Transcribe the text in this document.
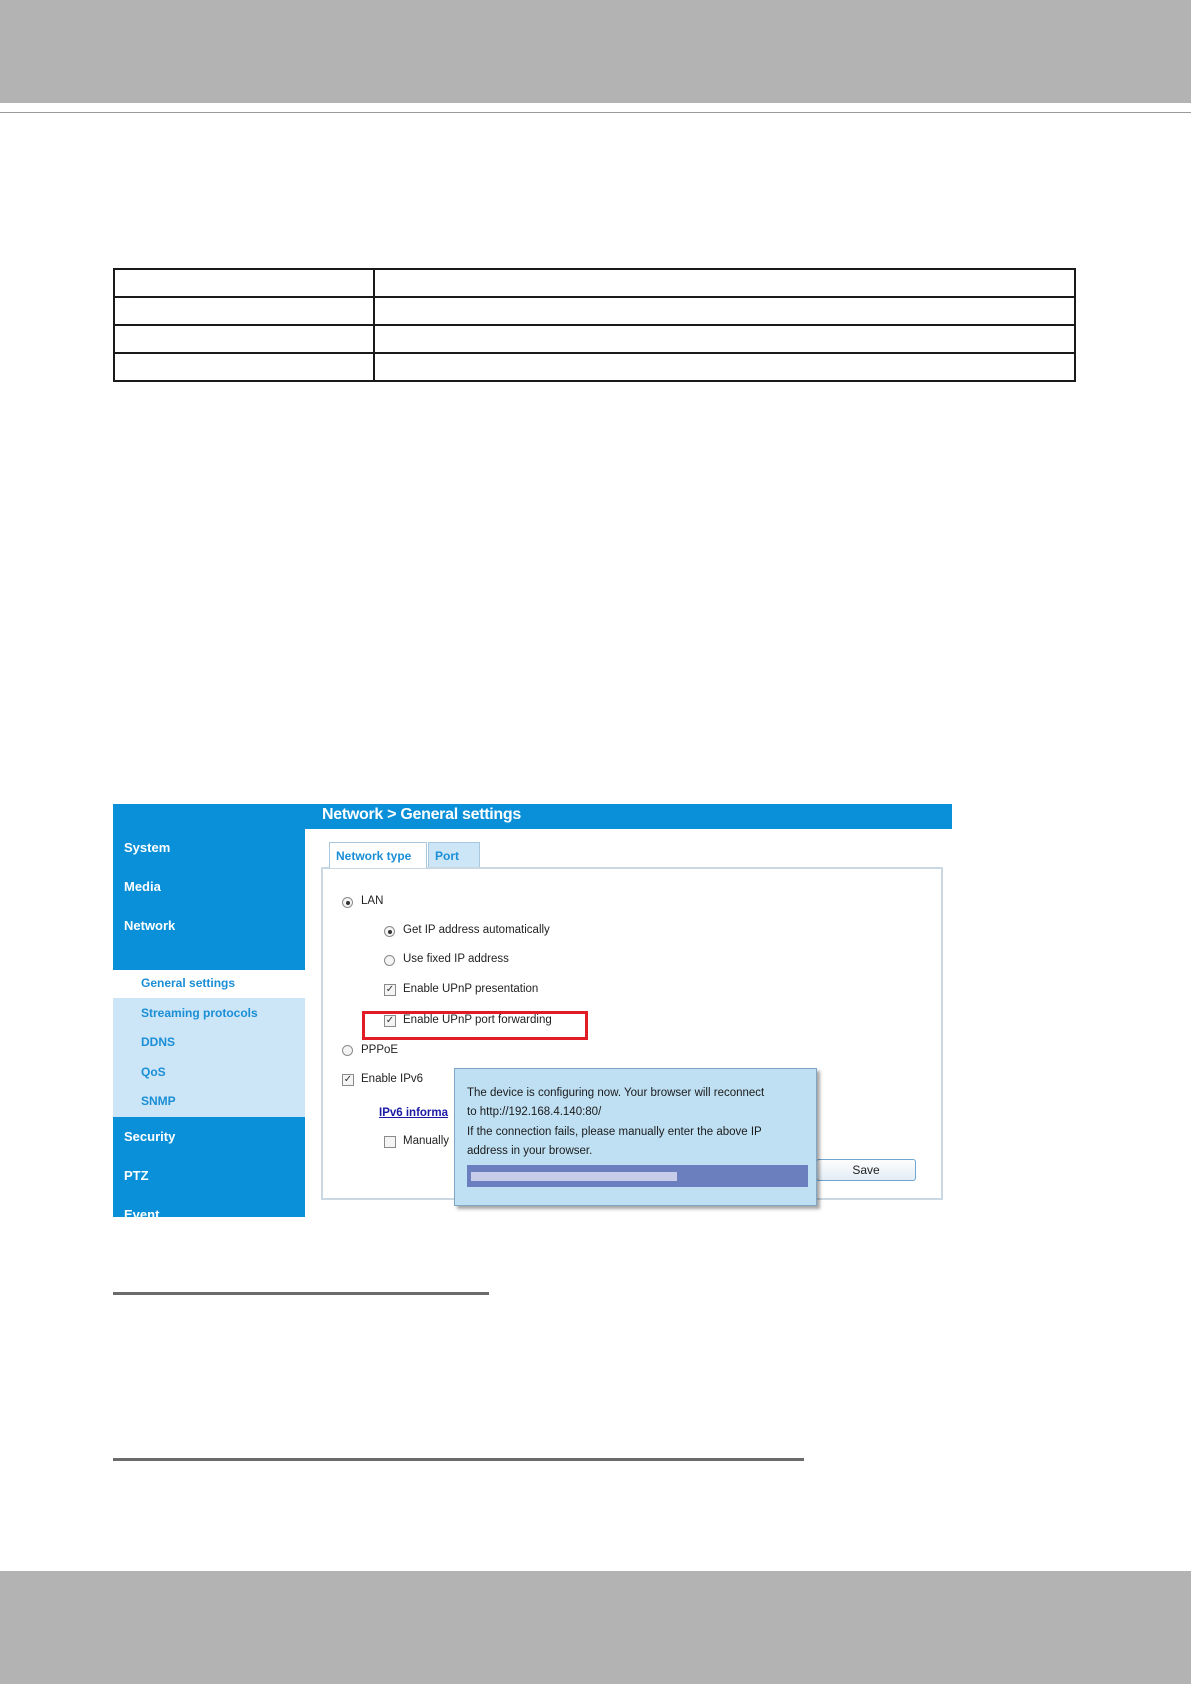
Network > General settings
System
Media
Network
General settings
Streaming protocols
DDNS
QoS
SNMP
Security
PTZ
Event
Network type	Port
LAN
Get IP address automatically
Use fixed IP address
✓ Enable UPnP presentation
✓ Enable UPnP port forwarding
PPPoE
✓ Enable IPv6
IPv6 informa
Manually
Save
The device is configuring now. Your browser will reconnect
to http://192.168.4.140:80/
If the connection fails, please manually enter the above IP
address in your browser.
